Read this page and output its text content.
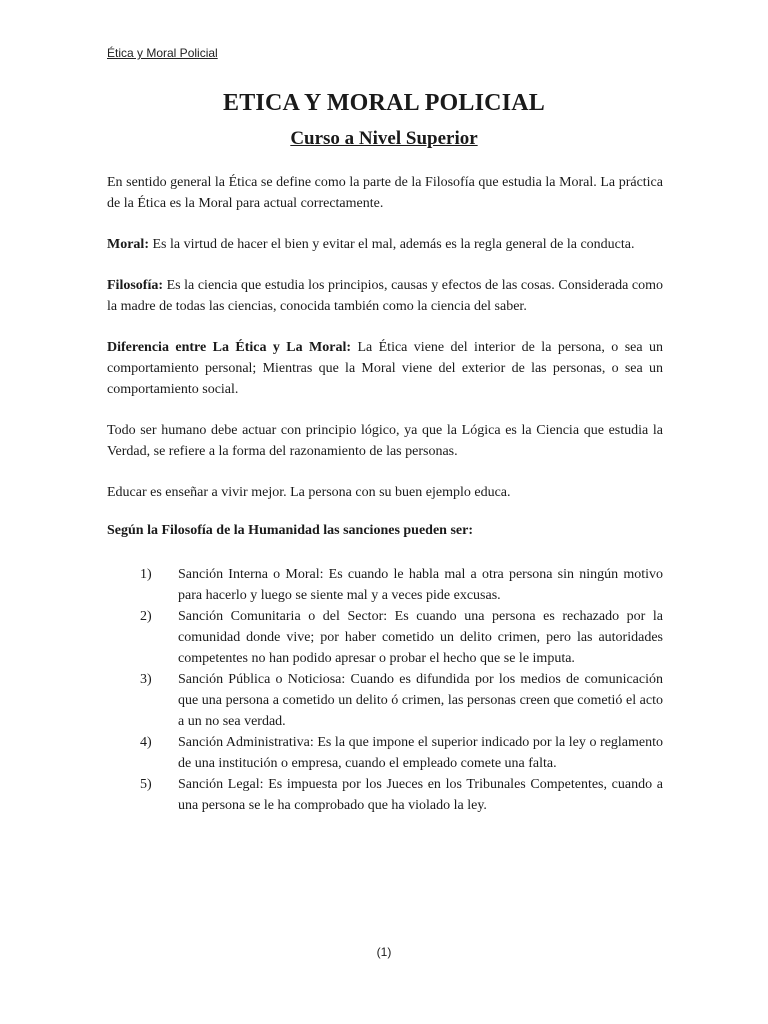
Ética y Moral Policial
ETICA Y MORAL POLICIAL
Curso a Nivel Superior

En sentido general la Ética se define como la parte de la Filosofía que estudia la Moral. La práctica de la Ética es la Moral para actual correctamente.

Moral: Es la virtud de hacer el bien y evitar el mal, además es la regla general de la conducta.

Filosofía: Es la ciencia que estudia los principios, causas y efectos de las cosas. Considerada como la madre de todas las ciencias, conocida también como la ciencia del saber.

Diferencia entre La Ética y La Moral: La Ética viene del interior de la persona, o sea un comportamiento personal; Mientras que la Moral viene del exterior de las personas, o sea un comportamiento social.

Todo ser humano debe actuar con principio lógico, ya que la Lógica es la Ciencia que estudia la Verdad, se refiere a la forma del razonamiento de las personas.

Educar es enseñar a vivir mejor. La persona con su buen ejemplo educa.

Según la Filosofía de la Humanidad las sanciones pueden ser:
1)	Sanción Interna o Moral: Es cuando le habla mal a otra persona sin ningún motivo para hacerlo y luego se siente mal y a veces pide excusas.
2)	Sanción Comunitaria o del Sector: Es cuando una persona es rechazado por la comunidad donde vive; por haber cometido un delito crimen, pero las autoridades competentes no han podido apresar o probar el hecho que se le imputa.
3)	Sanción Pública o Noticiosa: Cuando es difundida por los medios de comunicación que una persona a cometido un delito ó crimen, las personas creen que cometió el acto a un no sea verdad.
4)	Sanción Administrativa: Es la que impone el superior indicado por la ley o reglamento de una institución o empresa, cuando el empleado comete una falta.
5)	Sanción Legal: Es impuesta por los Jueces en los Tribunales Competentes, cuando a una persona se le ha comprobado que ha violado la ley.
(1)
